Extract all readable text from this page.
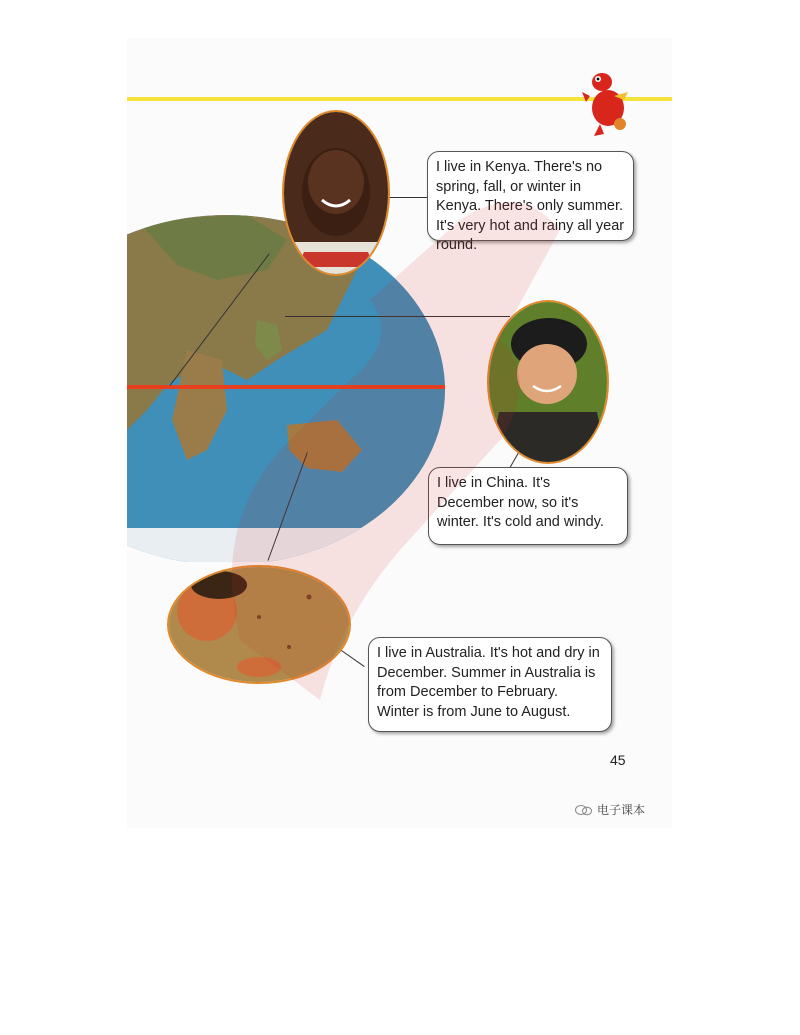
I live in Kenya. There's no spring, fall, or winter in Kenya. There's only summer. It's very hot and rainy all year round.
I live in China. It's December now, so it's winter. It's cold and windy.
I live in Australia. It's hot and dry in December. Summer in Australia is from December to February. Winter is from June to August.
45
电子课本
